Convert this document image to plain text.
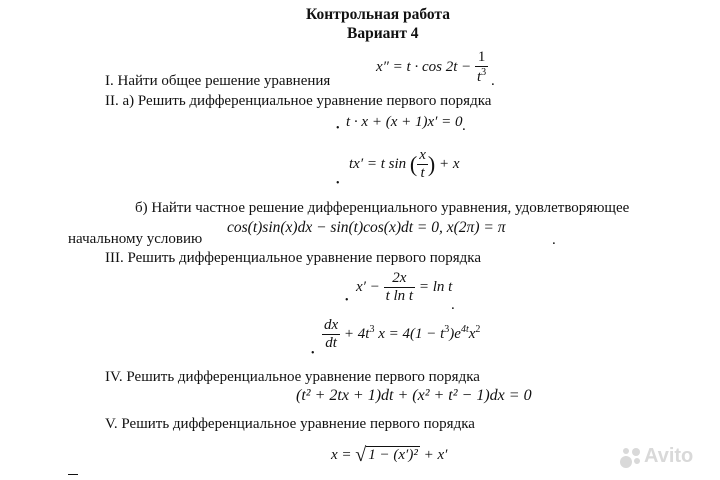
Контрольная работа
Вариант 4
I. Найти общее решение уравнения
$x'' = t \cdot \cos 2t - \frac{1}{t^3}$ .
II. а) Решить дифференциальное уравнение первого порядка
• t · x + (x + 1)x′ = 0 .
tx′ = t sin ( $\frac{x}{t}$ ) + x
•
б) Найти частное решение дифференциального уравнения, удовлетворяющее
начальному условию
cos(t)sin(x)dx − sin(t)cos(x)dt = 0, x(2π) = π
.
III. Решить дифференциальное уравнение первого порядка
•
$x' - \frac{2x}{\text{t ln t}} = \ln t$
.
•
$\frac{dx}{dt} + 4t^3$ $x = 4(1 - t^3)e^{4t}x^2$
IV. Решить дифференциальное уравнение первого порядка
(t² + 2tx + 1)dt + (x² + t² − 1)dx = 0
V. Решить дифференциальное уравнение первого порядка
x = √ 1 − (x′)² + x′	Avito
